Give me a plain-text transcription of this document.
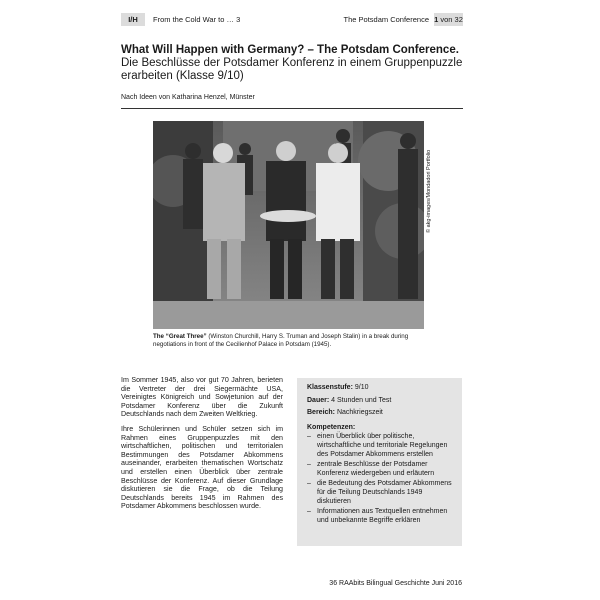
I/H	From the Cold War to … 3	The Potsdam Conference 1 von 32

What Will Happen with Germany? – The Potsdam Conference.

Die Beschlüsse der Potsdamer Konferenz in einem Gruppenpuzzle erarbeiten (Klasse 9/10)

Nach Ideen von Katharina Henzel, Münster
© akg-images/Mondadori Portfolio
The “Great Three” (Winston Churchill, Harry S. Truman and Joseph Stalin) in a break during negotiations in front of the Cecilienhof Palace in Potsdam (1945).

Im Sommer 1945, also vor gut 70 Jahren, berieten die Vertreter der drei Siegermächte USA, Vereinigtes Königreich und Sowjetunion auf der Potsdamer Konferenz über die Zukunft Deutschlands nach dem Zweiten Weltkrieg.

Ihre Schülerinnen und Schüler setzen sich im Rahmen eines Gruppenpuzzles mit den wirtschaftlichen, politischen und territorialen Bestimmungen des Potsdamer Abkommens auseinander, erarbeiten thematischen Wortschatz und erstellen einen Überblick über zentrale Beschlüsse der Konferenz. Auf dieser Grundlage diskutieren sie die Frage, ob die Teilung Deutschlands bereits 1945 im Rahmen des Potsdamer Abkommens beschlossen wurde.

Klassenstufe: 9/10
Dauer: 4 Stunden und Test
Bereich: Nachkriegszeit
Kompetenzen:
– einen Überblick über politische, wirtschaftliche und territoriale Regelungen des Potsdamer Abkommens erstellen
– zentrale Beschlüsse der Potsdamer Konferenz wiedergeben und erläutern
– die Bedeutung des Potsdamer Abkommens für die Teilung Deutschlands 1949 diskutieren
– Informationen aus Textquellen entnehmen und unbekannte Begriffe erklären
36 RAAbits Bilingual Geschichte Juni 2016
